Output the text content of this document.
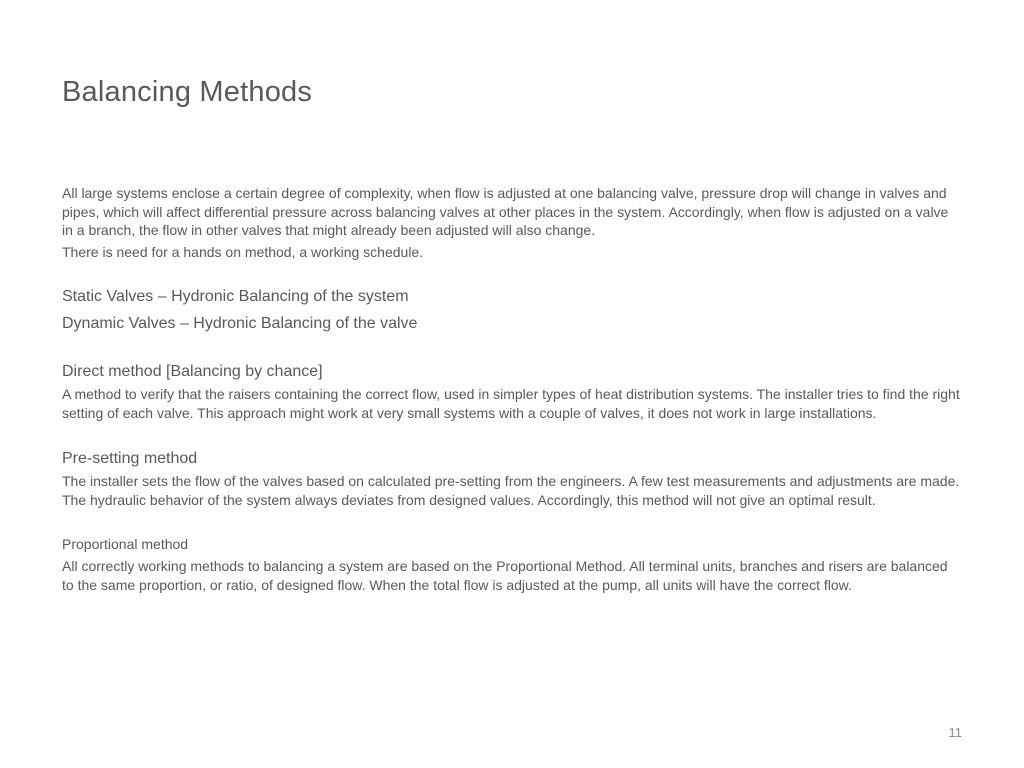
Balancing Methods

All large systems enclose a certain degree of complexity, when flow is adjusted at one balancing valve, pressure drop will change in valves and pipes, which will affect differential pressure across balancing valves at other places in the system. Accordingly, when flow is adjusted on a valve in a branch, the flow in other valves that might already been adjusted will also change.

There is need for a hands on method, a working schedule.

Static Valves – Hydronic Balancing of the system

Dynamic Valves – Hydronic Balancing of the valve

Direct method [Balancing by chance]

A method to verify that the raisers containing the correct flow, used in simpler types of heat distribution systems. The installer tries to find the right setting of each valve. This approach might work at very small systems with a couple of valves, it does not work in large installations.

Pre-setting method

The installer sets the flow of the valves based on calculated pre-setting from the engineers. A few test measurements and adjustments are made. The hydraulic behavior of the system always deviates from designed values. Accordingly, this method will not give an optimal result.

Proportional method

All correctly working methods to balancing a system are based on the Proportional Method. All terminal units, branches and risers are balanced to the same proportion, or ratio, of designed flow. When the total flow is adjusted at the pump, all units will have the correct flow.

11
